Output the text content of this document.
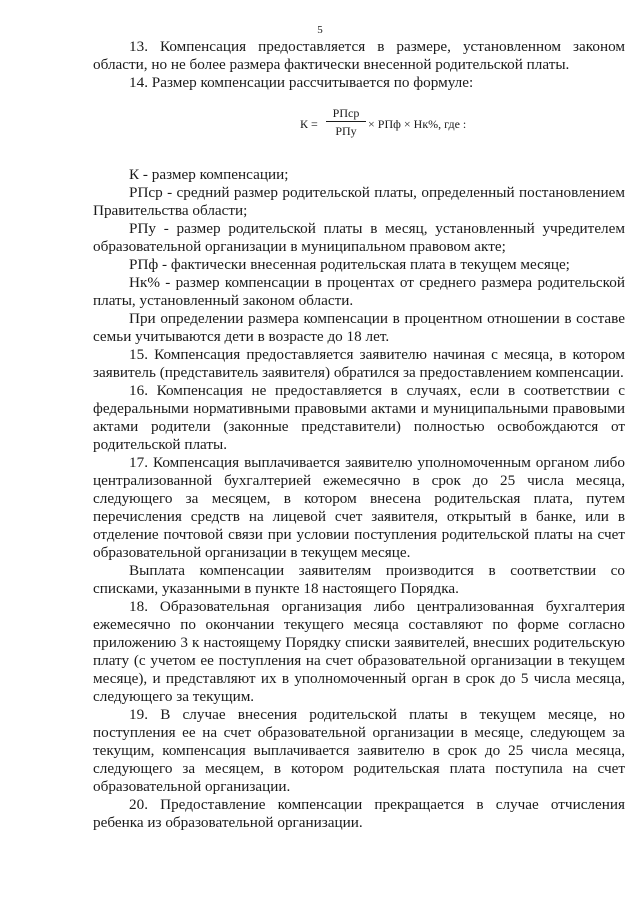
5

13. Компенсация предоставляется в размере, установленном законом области, но не более размера фактически внесенной родительской платы.

14. Размер компенсации рассчитывается по формуле:

К =
РПср
РПу × РПф × Нк%, где :

К - размер компенсации;

РПср - средний размер родительской платы, определенный постановлением Правительства области;

РПу - размер родительской платы в месяц, установленный учредителем образовательной организации в муниципальном правовом акте;

РПф - фактически внесенная родительская плата в текущем месяце;

Нк% - размер компенсации в процентах от среднего размера родительской платы, установленный законом области.

При определении размера компенсации в процентном отношении в составе семьи учитываются дети в возрасте до 18 лет.

15. Компенсация предоставляется заявителю начиная с месяца, в котором заявитель (представитель заявителя) обратился за предоставлением компенсации.

16. Компенсация не предоставляется в случаях, если в соответствии с федеральными нормативными правовыми актами и муниципальными правовыми актами родители (законные представители) полностью освобождаются от родительской платы.

17. Компенсация выплачивается заявителю уполномоченным органом либо централизованной бухгалтерией ежемесячно в срок до 25 числа месяца, следующего за месяцем, в котором внесена родительская плата, путем перечисления средств на лицевой счет заявителя, открытый в банке, или в отделение почтовой связи при условии поступления родительской платы на счет образовательной организации в текущем месяце.

Выплата компенсации заявителям производится в соответствии со списками, указанными в пункте 18 настоящего Порядка.

18. Образовательная организация либо централизованная бухгалтерия ежемесячно по окончании текущего месяца составляют по форме согласно приложению 3 к настоящему Порядку списки заявителей, внесших родительскую плату (с учетом ее поступления на счет образовательной организации в текущем месяце), и представляют их в уполномоченный орган в срок до 5 числа месяца, следующего за текущим.

19. В случае внесения родительской платы в текущем месяце, но поступления ее на счет образовательной организации в месяце, следующем за текущим, компенсация выплачивается заявителю в срок до 25 числа месяца, следующего за месяцем, в котором родительская плата поступила на счет образовательной организации.

20. Предоставление компенсации прекращается в случае отчисления ребенка из образовательной организации.
